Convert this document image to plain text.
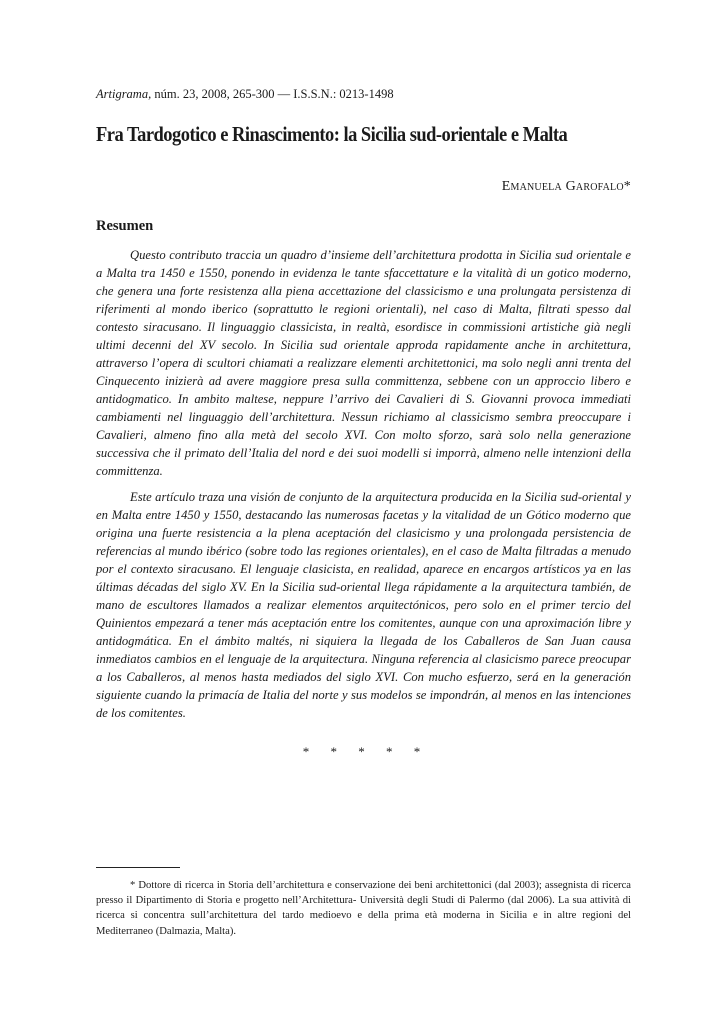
Artigrama, núm. 23, 2008, 265-300 — I.S.S.N.: 0213-1498
Fra Tardogotico e Rinascimento: la Sicilia sud-orientale e Malta
Emanuela Garofalo*
Resumen

Questo contributo traccia un quadro d’insieme dell’architettura prodotta in Sicilia sud orientale e a Malta tra 1450 e 1550, ponendo in evidenza le tante sfaccettature e la vitalità di un gotico moderno, che genera una forte resistenza alla piena accettazione del classicismo e una prolungata persistenza di riferimenti al mondo iberico (soprattutto le regioni orientali), nel caso di Malta, filtrati spesso dal contesto siracusano. Il linguaggio classicista, in realtà, esordisce in commissioni artistiche già negli ultimi decenni del XV secolo. In Sicilia sud orientale approda rapidamente anche in architettura, attraverso l’opera di scultori chiamati a realizzare elementi architettonici, ma solo negli anni trenta del Cinquecento inizierà ad avere maggiore presa sulla committenza, sebbene con un approccio libero e antidogmatico. In ambito maltese, neppure l’arrivo dei Cavalieri di S. Giovanni provoca immediati cambiamenti nel linguaggio dell’architettura. Nessun richiamo al classicismo sembra preoccupare i Cavalieri, almeno fino alla metà del secolo XVI. Con molto sforzo, sarà solo nella generazione successiva che il primato dell’Italia del nord e dei suoi modelli si imporrà, almeno nelle intenzioni della committenza.

Este artículo traza una visión de conjunto de la arquitectura producida en la Sicilia sud-oriental y en Malta entre 1450 y 1550, destacando las numerosas facetas y la vitalidad de un Gótico moderno que origina una fuerte resistencia a la plena aceptación del clasicismo y una prolongada persistencia de referencias al mundo ibérico (sobre todo las regiones orientales), en el caso de Malta filtradas a menudo por el contexto siracusano. El lenguaje clasicista, en realidad, aparece en encargos artísticos ya en las últimas décadas del siglo XV. En la Sicilia sud-oriental llega rápidamente a la arquitectura también, de mano de escultores llamados a realizar elementos arquitectónicos, pero solo en el primer tercio del Quinientos empezará a tener más aceptación entre los comitentes, aunque con una aproximación libre y antidogmática. En el ámbito maltés, ni siquiera la llegada de los Caballeros de San Juan causa inmediatos cambios en el lenguaje de la arquitectura. Ninguna referencia al clasicismo parece preocupar a los Caballeros, al menos hasta mediados del siglo XVI. Con mucho esfuerzo, será en la generación siguiente cuando la primacía de Italia del norte y sus modelos se impondrán, al menos en las intenciones de los comitentes.

* * * * *

* Dottore di ricerca in Storia dell’architettura e conservazione dei beni architettonici (dal 2003); assegnista di ricerca presso il Dipartimento di Storia e progetto nell’Architettura- Università degli Studi di Palermo (dal 2006). La sua attività di ricerca si concentra sull’architettura del tardo medioevo e della prima età moderna in Sicilia e in altre regioni del Mediterraneo (Dalmazia, Malta).
